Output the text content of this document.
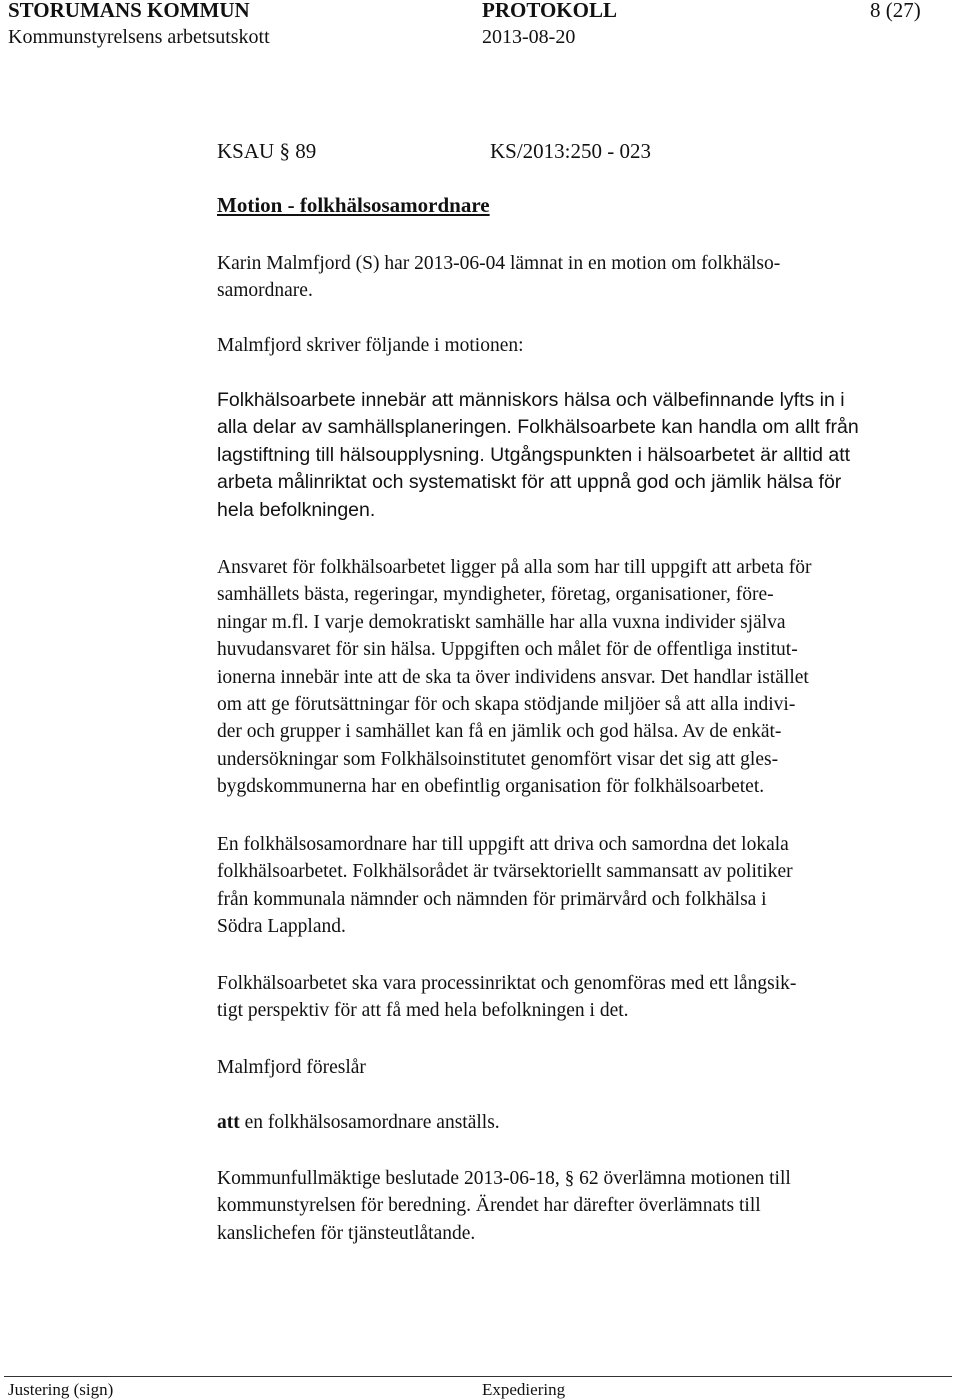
STORUMANS KOMMUN	PROTOKOLL	8 (27)
Kommunstyrelsens arbetsutskott	2013-08-20
KSAU § 89	KS/2013:250 - 023
Motion - folkhälsosamordnare
Karin Malmfjord (S) har 2013-06-04 lämnat in en motion om folkhälso-
samordnare.
Malmfjord skriver följande i motionen:
Folkhälsoarbete innebär att människors hälsa och välbefinnande lyfts in i
alla delar av samhällsplaneringen. Folkhälsoarbete kan handla om allt från
lagstiftning till hälsoupplysning. Utgångspunkten i hälsoarbetet är alltid att
arbeta målinriktat och systematiskt för att uppnå god och jämlik hälsa för
hela befolkningen.
Ansvaret för folkhälsoarbetet ligger på alla som har till uppgift att arbeta för
samhällets bästa, regeringar, myndigheter, företag, organisationer, före-
ningar m.fl. I varje demokratiskt samhälle har alla vuxna individer själva
huvudansvaret för sin hälsa. Uppgiften och målet för de offentliga institut-
ionerna innebär inte att de ska ta över individens ansvar. Det handlar istället
om att ge förutsättningar för och skapa stödjande miljöer så att alla indivi-
der och grupper i samhället kan få en jämlik och god hälsa. Av de enkät-
undersökningar som Folkhälsoinstitutet genomfört visar det sig att gles-
bygdskommunerna har en obefintlig organisation för folkhälsoarbetet.
En folkhälsosamordnare har till uppgift att driva och samordna det lokala
folkhälsoarbetet. Folkhälsorådet är tvärsektoriellt sammansatt av politiker
från kommunala nämnder och nämnden för primärvård och folkhälsa i
Södra Lappland.
Folkhälsoarbetet ska vara processinriktat och genomföras med ett långsik-
tigt perspektiv för att få med hela befolkningen i det.
Malmfjord föreslår
att en folkhälsosamordnare anställs.
Kommunfullmäktige beslutade 2013-06-18, § 62 överlämna motionen till
kommunstyrelsen för beredning. Ärendet har därefter överlämnats till
kanslichefen för tjänsteutlåtande.
Justering (sign)	Expediering
